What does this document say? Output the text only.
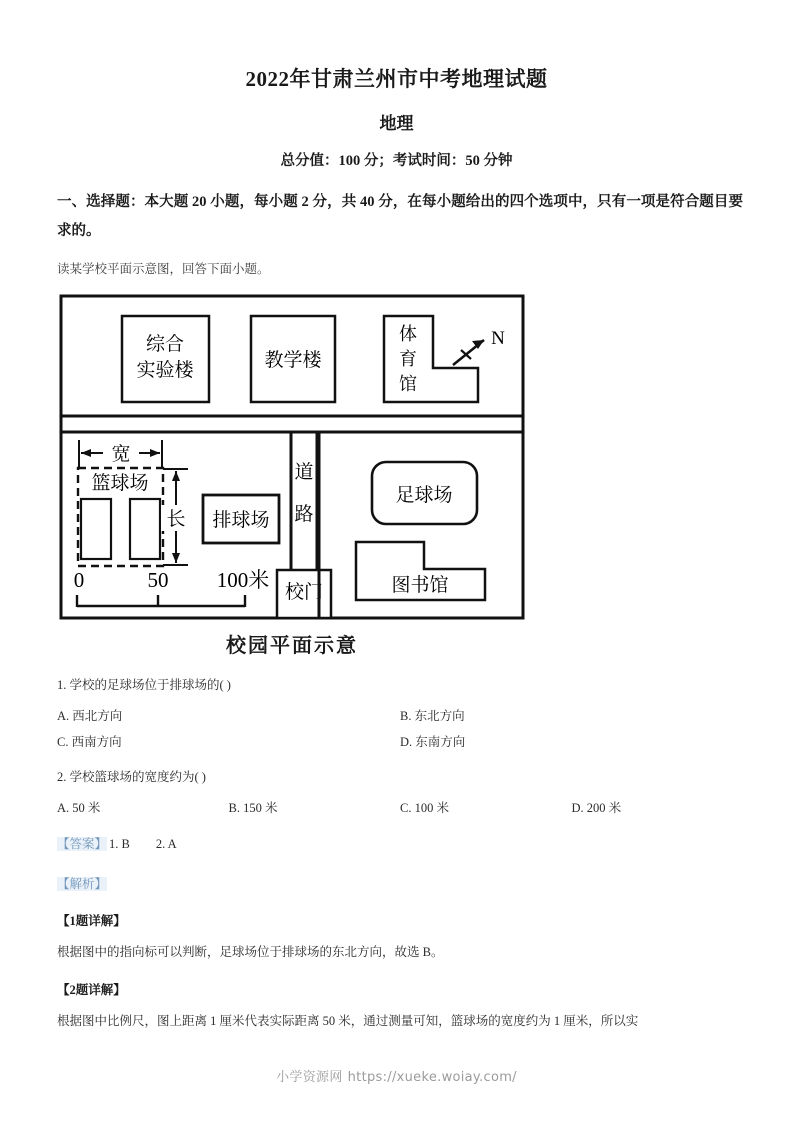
2022年甘肃兰州市中考地理试题
地理
总分值：100 分；考试时间：50 分钟
一、选择题：本大题 20 小题，每小题 2 分，共 40 分，在每小题给出的四个选项中，只有一项是符合题目要求的。
读某学校平面示意图，回答下面小题。
综合
实验楼	教学楼
体
育
馆
N
道
路
校门
篮球场
宽
长 排球场
0	50 100米
足球场
图书馆
校园平面示意
1. 学校的足球场位于排球场的( )
A. 西北方向	B. 东北方向
C. 西南方向	D. 东南方向
2. 学校篮球场的宽度约为( )
A. 50 米	B. 150 米	C. 100 米	D. 200 米
【答案】 1. B 2. A
【解析】
【1题详解】
根据图中的指向标可以判断，足球场位于排球场的东北方向，故选 B。
【2题详解】
根据图中比例尺，图上距离 1 厘米代表实际距离 50 米，通过测量可知，篮球场的宽度约为 1 厘米，所以实
小学资源网 https://xueke.woiay.com/
